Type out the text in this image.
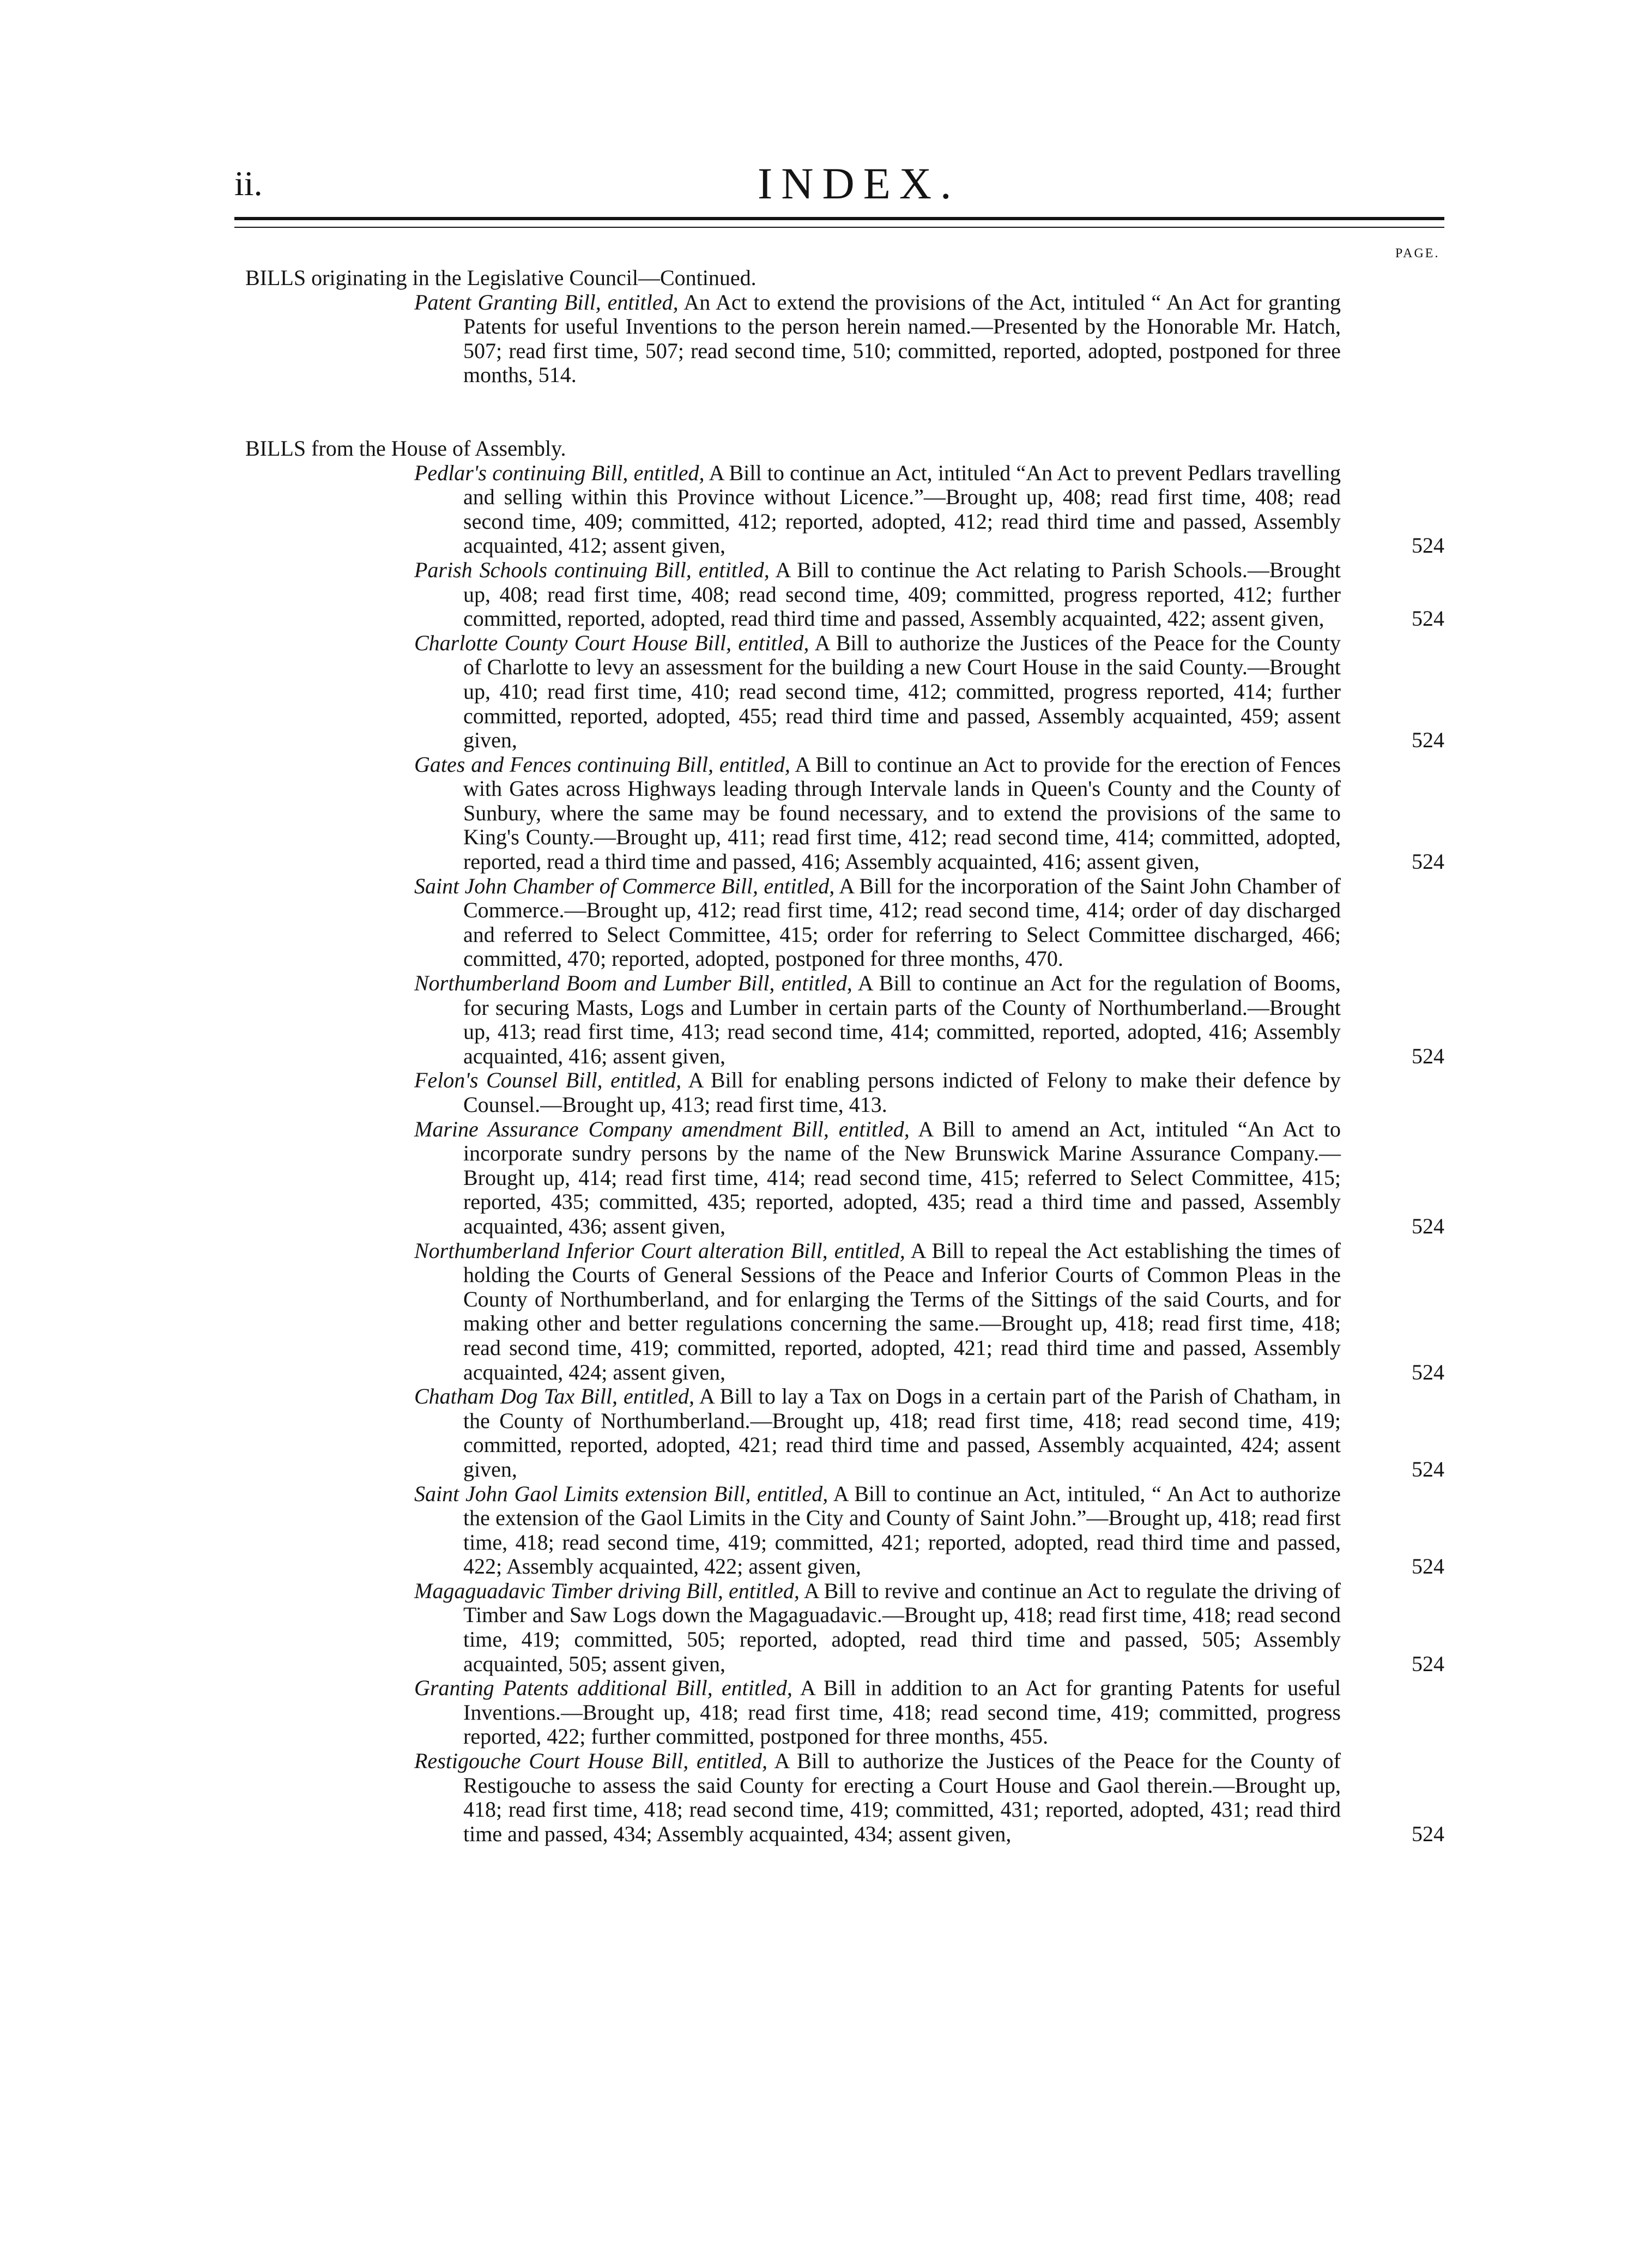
ii.	INDEX.
PAGE.
BILLS originating in the Legislative Council—Continued.
Patent Granting Bill, entitled, An Act to extend the provisions of the Act, intituled “ An Act for granting Patents for useful Inventions to the person herein named.—Presented by the Honorable Mr. Hatch, 507; read first time, 507; read second time, 510; committed, reported, adopted, postponed for three months, 514.
BILLS from the House of Assembly.
Pedlar's continuing Bill, entitled, A Bill to continue an Act, intituled “An Act to prevent Pedlars travelling and selling within this Province without Licence.”—Brought up, 408; read first time, 408; read second time, 409; committed, 412; reported, adopted, 412; read third time and passed, Assembly acquainted, 412; assent given,	524
Parish Schools continuing Bill, entitled, A Bill to continue the Act relating to Parish Schools.—Brought up, 408; read first time, 408; read second time, 409; committed, progress reported, 412; further committed, reported, adopted, read third time and passed, Assembly acquainted, 422; assent given,	524
Charlotte County Court House Bill, entitled, A Bill to authorize the Justices of the Peace for the County of Charlotte to levy an assessment for the building a new Court House in the said County.—Brought up, 410; read first time, 410; read second time, 412; committed, progress reported, 414; further committed, reported, adopted, 455; read third time and passed, Assembly acquainted, 459; assent given,	524
Gates and Fences continuing Bill, entitled, A Bill to continue an Act to provide for the erection of Fences with Gates across Highways leading through Intervale lands in Queen's County and the County of Sunbury, where the same may be found necessary, and to extend the provisions of the same to King's County.—Brought up, 411; read first time, 412; read second time, 414; committed, adopted, reported, read a third time and passed, 416; Assembly acquainted, 416; assent given,	524
Saint John Chamber of Commerce Bill, entitled, A Bill for the incorporation of the Saint John Chamber of Commerce.—Brought up, 412; read first time, 412; read second time, 414; order of day discharged and referred to Select Committee, 415; order for referring to Select Committee discharged, 466; committed, 470; reported, adopted, postponed for three months, 470.
Northumberland Boom and Lumber Bill, entitled, A Bill to continue an Act for the regulation of Booms, for securing Masts, Logs and Lumber in certain parts of the County of Northumberland.—Brought up, 413; read first time, 413; read second time, 414; committed, reported, adopted, 416; Assembly acquainted, 416; assent given,	524
Felon's Counsel Bill, entitled, A Bill for enabling persons indicted of Felony to make their defence by Counsel.—Brought up, 413; read first time, 413.
Marine Assurance Company amendment Bill, entitled, A Bill to amend an Act, intituled “An Act to incorporate sundry persons by the name of the New Brunswick Marine Assurance Company.—Brought up, 414; read first time, 414; read second time, 415; referred to Select Committee, 415; reported, 435; committed, 435; reported, adopted, 435; read a third time and passed, Assembly acquainted, 436; assent given,	524
Northumberland Inferior Court alteration Bill, entitled, A Bill to repeal the Act establishing the times of holding the Courts of General Sessions of the Peace and Inferior Courts of Common Pleas in the County of Northumberland, and for enlarging the Terms of the Sittings of the said Courts, and for making other and better regulations concerning the same.—Brought up, 418; read first time, 418; read second time, 419; committed, reported, adopted, 421; read third time and passed, Assembly acquainted, 424; assent given,	524
Chatham Dog Tax Bill, entitled, A Bill to lay a Tax on Dogs in a certain part of the Parish of Chatham, in the County of Northumberland.—Brought up, 418; read first time, 418; read second time, 419; committed, reported, adopted, 421; read third time and passed, Assembly acquainted, 424; assent given,	524
Saint John Gaol Limits extension Bill, entitled, A Bill to continue an Act, intituled, “ An Act to authorize the extension of the Gaol Limits in the City and County of Saint John.”—Brought up, 418; read first time, 418; read second time, 419; committed, 421; reported, adopted, read third time and passed, 422; Assembly acquainted, 422; assent given,	524
Magaguadavic Timber driving Bill, entitled, A Bill to revive and continue an Act to regulate the driving of Timber and Saw Logs down the Magaguadavic.—Brought up, 418; read first time, 418; read second time, 419; committed, 505; reported, adopted, read third time and passed, 505; Assembly acquainted, 505; assent given,	524
Granting Patents additional Bill, entitled, A Bill in addition to an Act for granting Patents for useful Inventions.—Brought up, 418; read first time, 418; read second time, 419; committed, progress reported, 422; further committed, postponed for three months, 455.
Restigouche Court House Bill, entitled, A Bill to authorize the Justices of the Peace for the County of Restigouche to assess the said County for erecting a Court House and Gaol therein.—Brought up, 418; read first time, 418; read second time, 419; committed, 431; reported, adopted, 431; read third time and passed, 434; Assembly acquainted, 434; assent given,	524
